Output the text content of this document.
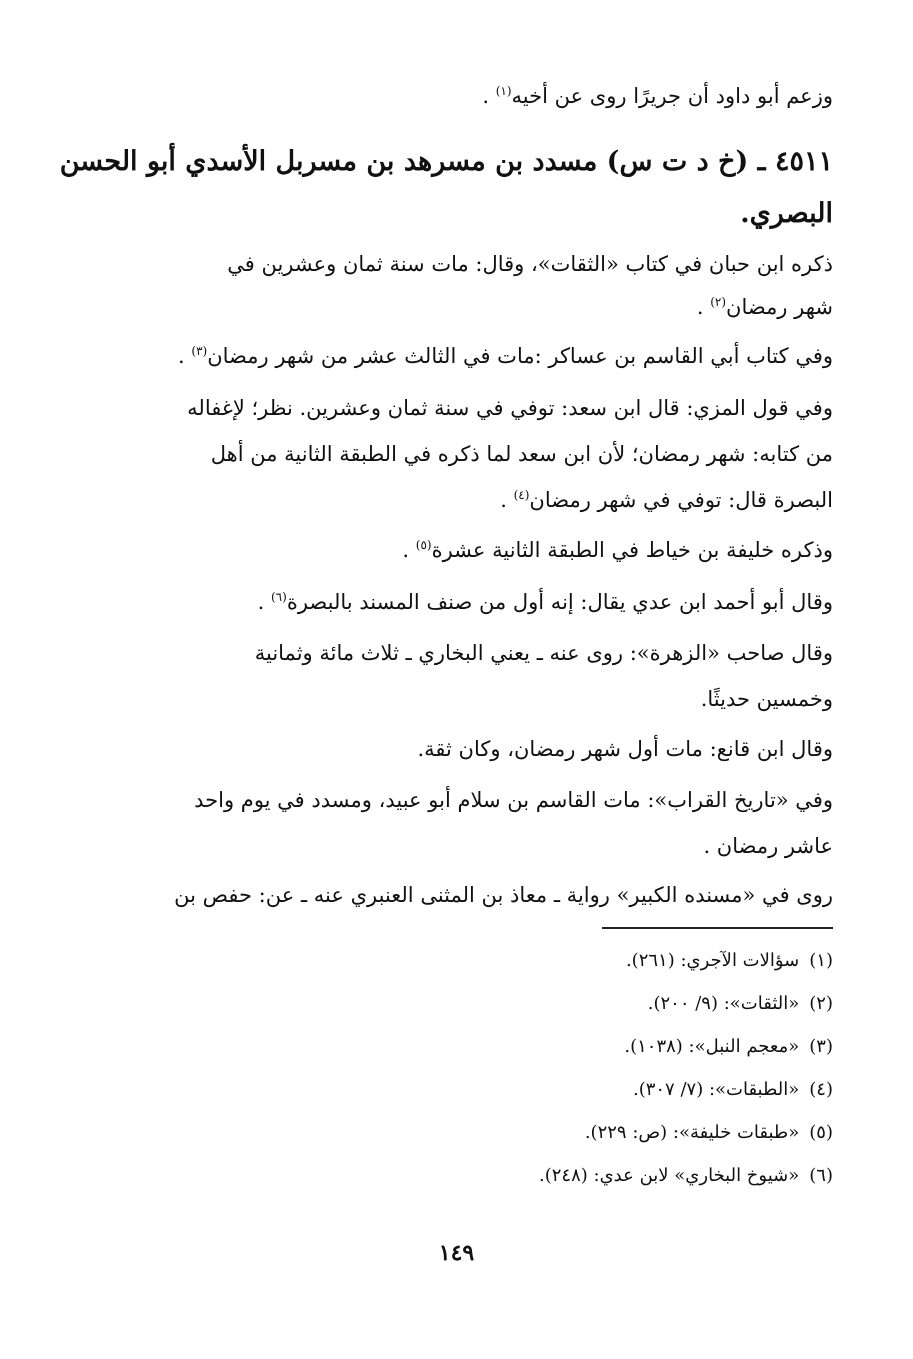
وزعم أبو داود أن جريرًا روى عن أخيه$^{(١)}$ .
٤٥١١ ـ (خ د ت س) مسدد بن مسرهد بن مسربل الأسدي أبو الحسن
البصري.
ذكره ابن حبان في كتاب «الثقات»، وقال: مات سنة ثمان وعشرين في
شهر رمضان$^{(٢)}$ .
وفي كتاب أبي القاسم بن عساكر :مات في الثالث عشر من شهر رمضان$^{(٣)}$ .
وفي قول المزي: قال ابن سعد: توفي في سنة ثمان وعشرين. نظر؛ لإغفاله
من كتابه: شهر رمضان؛ لأن ابن سعد لما ذكره في الطبقة الثانية من أهل
البصرة قال: توفي في شهر رمضان$^{(٤)}$ .
وذكره خليفة بن خياط في الطبقة الثانية عشرة$^{(٥)}$ .
وقال أبو أحمد ابن عدي يقال: إنه أول من صنف المسند بالبصرة$^{(٦)}$ .
وقال صاحب «الزهرة»: روى عنه ـ يعني البخاري ـ ثلاث مائة وثمانية
وخمسين حديثًا.
وقال ابن قانع: مات أول شهر رمضان، وكان ثقة.
وفي «تاريخ القراب»: مات القاسم بن سلام أبو عبيد، ومسدد في يوم واحد
عاشر رمضان .
روى في «مسنده الكبير» رواية ـ معاذ بن المثنى العنبري عنه ـ عن: حفص بن
(١)سؤالات الآجري: (٢٦١).
(٢)«الثقات»: (٩/ ٢٠٠).
(٣)«معجم النبل»: (١٠٣٨).
(٤)«الطبقات»: (٧/ ٣٠٧).
(٥)«طبقات خليفة»: (ص: ٢٢٩).
(٦)«شيوخ البخاري» لابن عدي: (٢٤٨).
١٤٩
